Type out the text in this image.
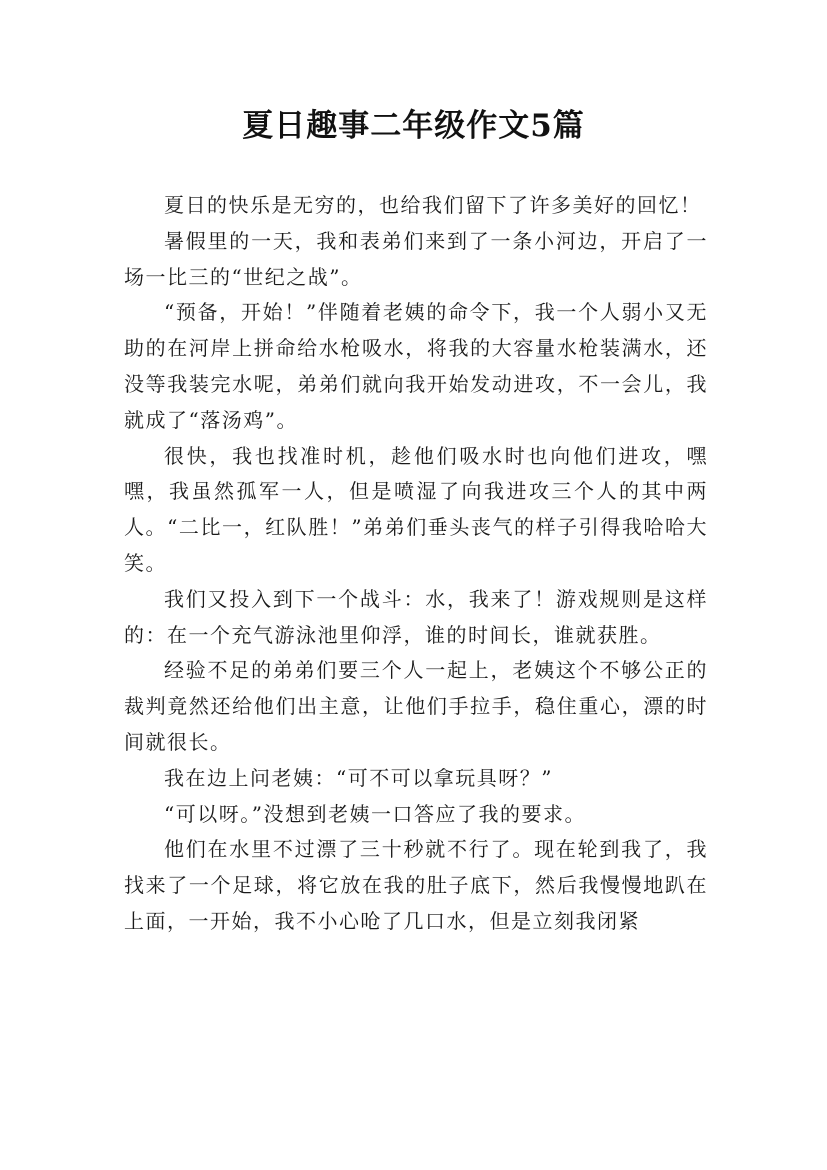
夏日趣事二年级作文5篇

夏日的快乐是无穷的，也给我们留下了许多美好的回忆！

暑假里的一天，我和表弟们来到了一条小河边，开启了一场一比三的“世纪之战”。

“预备，开始！”伴随着老姨的命令下，我一个人弱小又无助的在河岸上拼命给水枪吸水，将我的大容量水枪装满水，还没等我装完水呢，弟弟们就向我开始发动进攻，不一会儿，我就成了“落汤鸡”。

很快，我也找准时机，趁他们吸水时也向他们进攻，嘿嘿，我虽然孤军一人，但是喷湿了向我进攻三个人的其中两人。“二比一，红队胜！”弟弟们垂头丧气的样子引得我哈哈大笑。

我们又投入到下一个战斗：水，我来了！游戏规则是这样的：在一个充气游泳池里仰浮，谁的时间长，谁就获胜。

经验不足的弟弟们要三个人一起上，老姨这个不够公正的裁判竟然还给他们出主意，让他们手拉手，稳住重心，漂的时间就很长。

我在边上问老姨：“可不可以拿玩具呀？”

“可以呀。”没想到老姨一口答应了我的要求。

他们在水里不过漂了三十秒就不行了。现在轮到我了，我找来了一个足球，将它放在我的肚子底下，然后我慢慢地趴在上面，一开始，我不小心呛了几口水，但是立刻我闭紧
